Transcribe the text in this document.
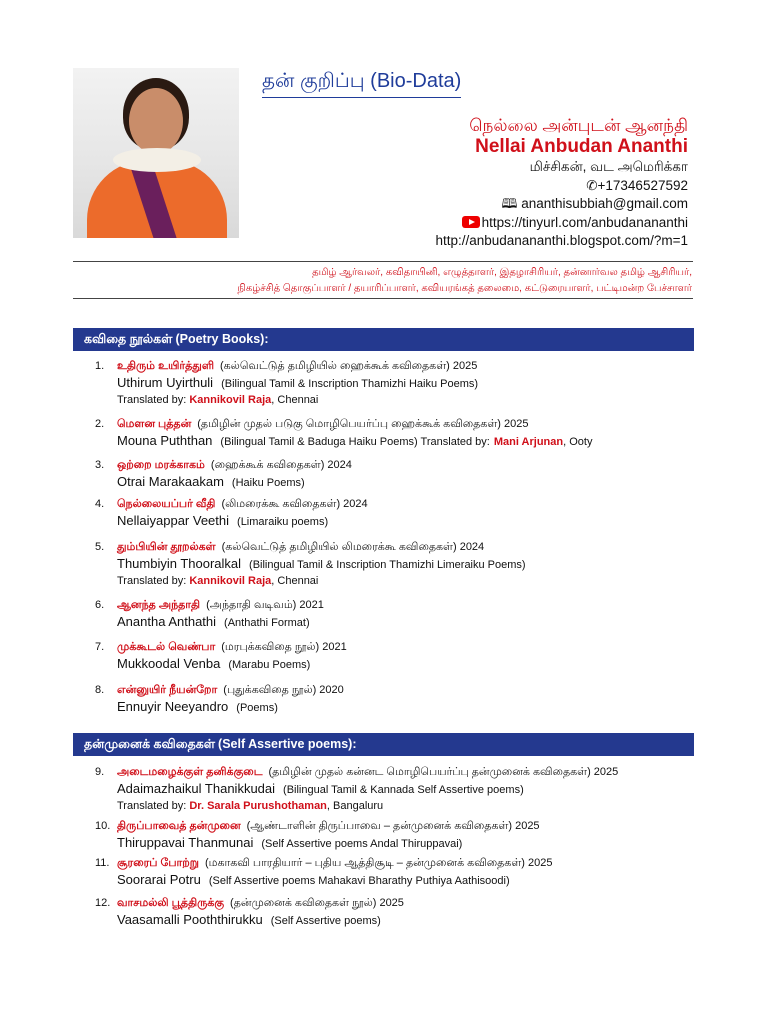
தன் குறிப்பு (Bio-Data)
நெல்லை அன்புடன் ஆனந்தி
Nellai Anbudan Ananthi
மிச்சிகன், வட அமெரிக்கா
✆+17346527592
🕮 ananthisubbiah@gmail.com
https://tinyurl.com/anbudanananthi
http://anbudanananthi.blogspot.com/?m=1
தமிழ் ஆர்வலர், கவிதாயினி, எழுத்தாளர், இதழாசிரியர், தன்னார்வல தமிழ் ஆசிரியர்,
நிகழ்ச்சித் தொகுப்பாளர் / தயாரிப்பாளர், கவியரங்கத் தலைமை, கட்டுரையாளர், பட்டிமன்ற பேச்சாளர்
கவிதை நூல்கள் (Poetry Books):
1. உதிரும் உயிர்த்துளி (கல்வெட்டுத் தமிழியில் ஹைக்கூக் கவிதைகள்) 2025
Uthirum Uyirthuli (Bilingual Tamil & Inscription Thamizhi Haiku Poems)
Translated by: Kannikovil Raja, Chennai
2. மௌன புத்தன் (தமிழின் முதல் படுகு மொழிபெயர்ப்பு ஹைக்கூக் கவிதைகள்) 2025
Mouna Puththan (Bilingual Tamil & Baduga Haiku Poems) Translated by: Mani Arjunan, Ooty
3. ஒற்றை மரக்காகம் (ஹைக்கூக் கவிதைகள்) 2024
Otrai Marakaakam (Haiku Poems)
4. நெல்லையப்பர் வீதி (லிமரைக்கூ கவிதைகள்) 2024
Nellaiyappar Veethi (Limaraiku poems)
5. தும்பியின் தூறல்கள் (கல்வெட்டுத் தமிழியில் லிமரைக்கூ கவிதைகள்) 2024
Thumbiyin Thooralkal (Bilingual Tamil & Inscription Thamizhi Limeraiku Poems)
Translated by: Kannikovil Raja, Chennai
6. ஆனந்த அந்தாதி (அந்தாதி வடிவம்) 2021
Anantha Anthathi (Anthathi Format)
7. முக்கூடல் வெண்பா (மரபுக்கவிதை நூல்) 2021
Mukkoodal Venba (Marabu Poems)
8. என்னுயிர் நீயன்றோ (புதுக்கவிதை நூல்) 2020
Ennuyir Neeyandro (Poems)
தன்முனைக் கவிதைகள் (Self Assertive poems):
9. அடைமழைக்குள் தனிக்குடை (தமிழின் முதல் கன்னட மொழிபெயர்ப்பு தன்முனைக் கவிதைகள்) 2025
Adaimazhaikul Thanikkudai (Bilingual Tamil & Kannada Self Assertive poems)
Translated by: Dr. Sarala Purushothaman, Bangaluru
10. திருப்பாவைத் தன்முனை (ஆண்டாளின் திருப்பாவை – தன்முனைக் கவிதைகள்) 2025
Thiruppavai Thanmunai (Self Assertive poems Andal Thiruppavai)
11. சூரரைப் போற்று (மகாகவி பாரதியார் – புதிய ஆத்திசூடி – தன்முனைக் கவிதைகள்) 2025
Soorarai Potru (Self Assertive poems Mahakavi Bharathy Puthiya Aathisoodi)
12. வாசமல்லி பூத்திருக்கு (தன்முனைக் கவிதைகள் நூல்) 2025
Vaasamalli Pooththirukku (Self Assertive poems)
